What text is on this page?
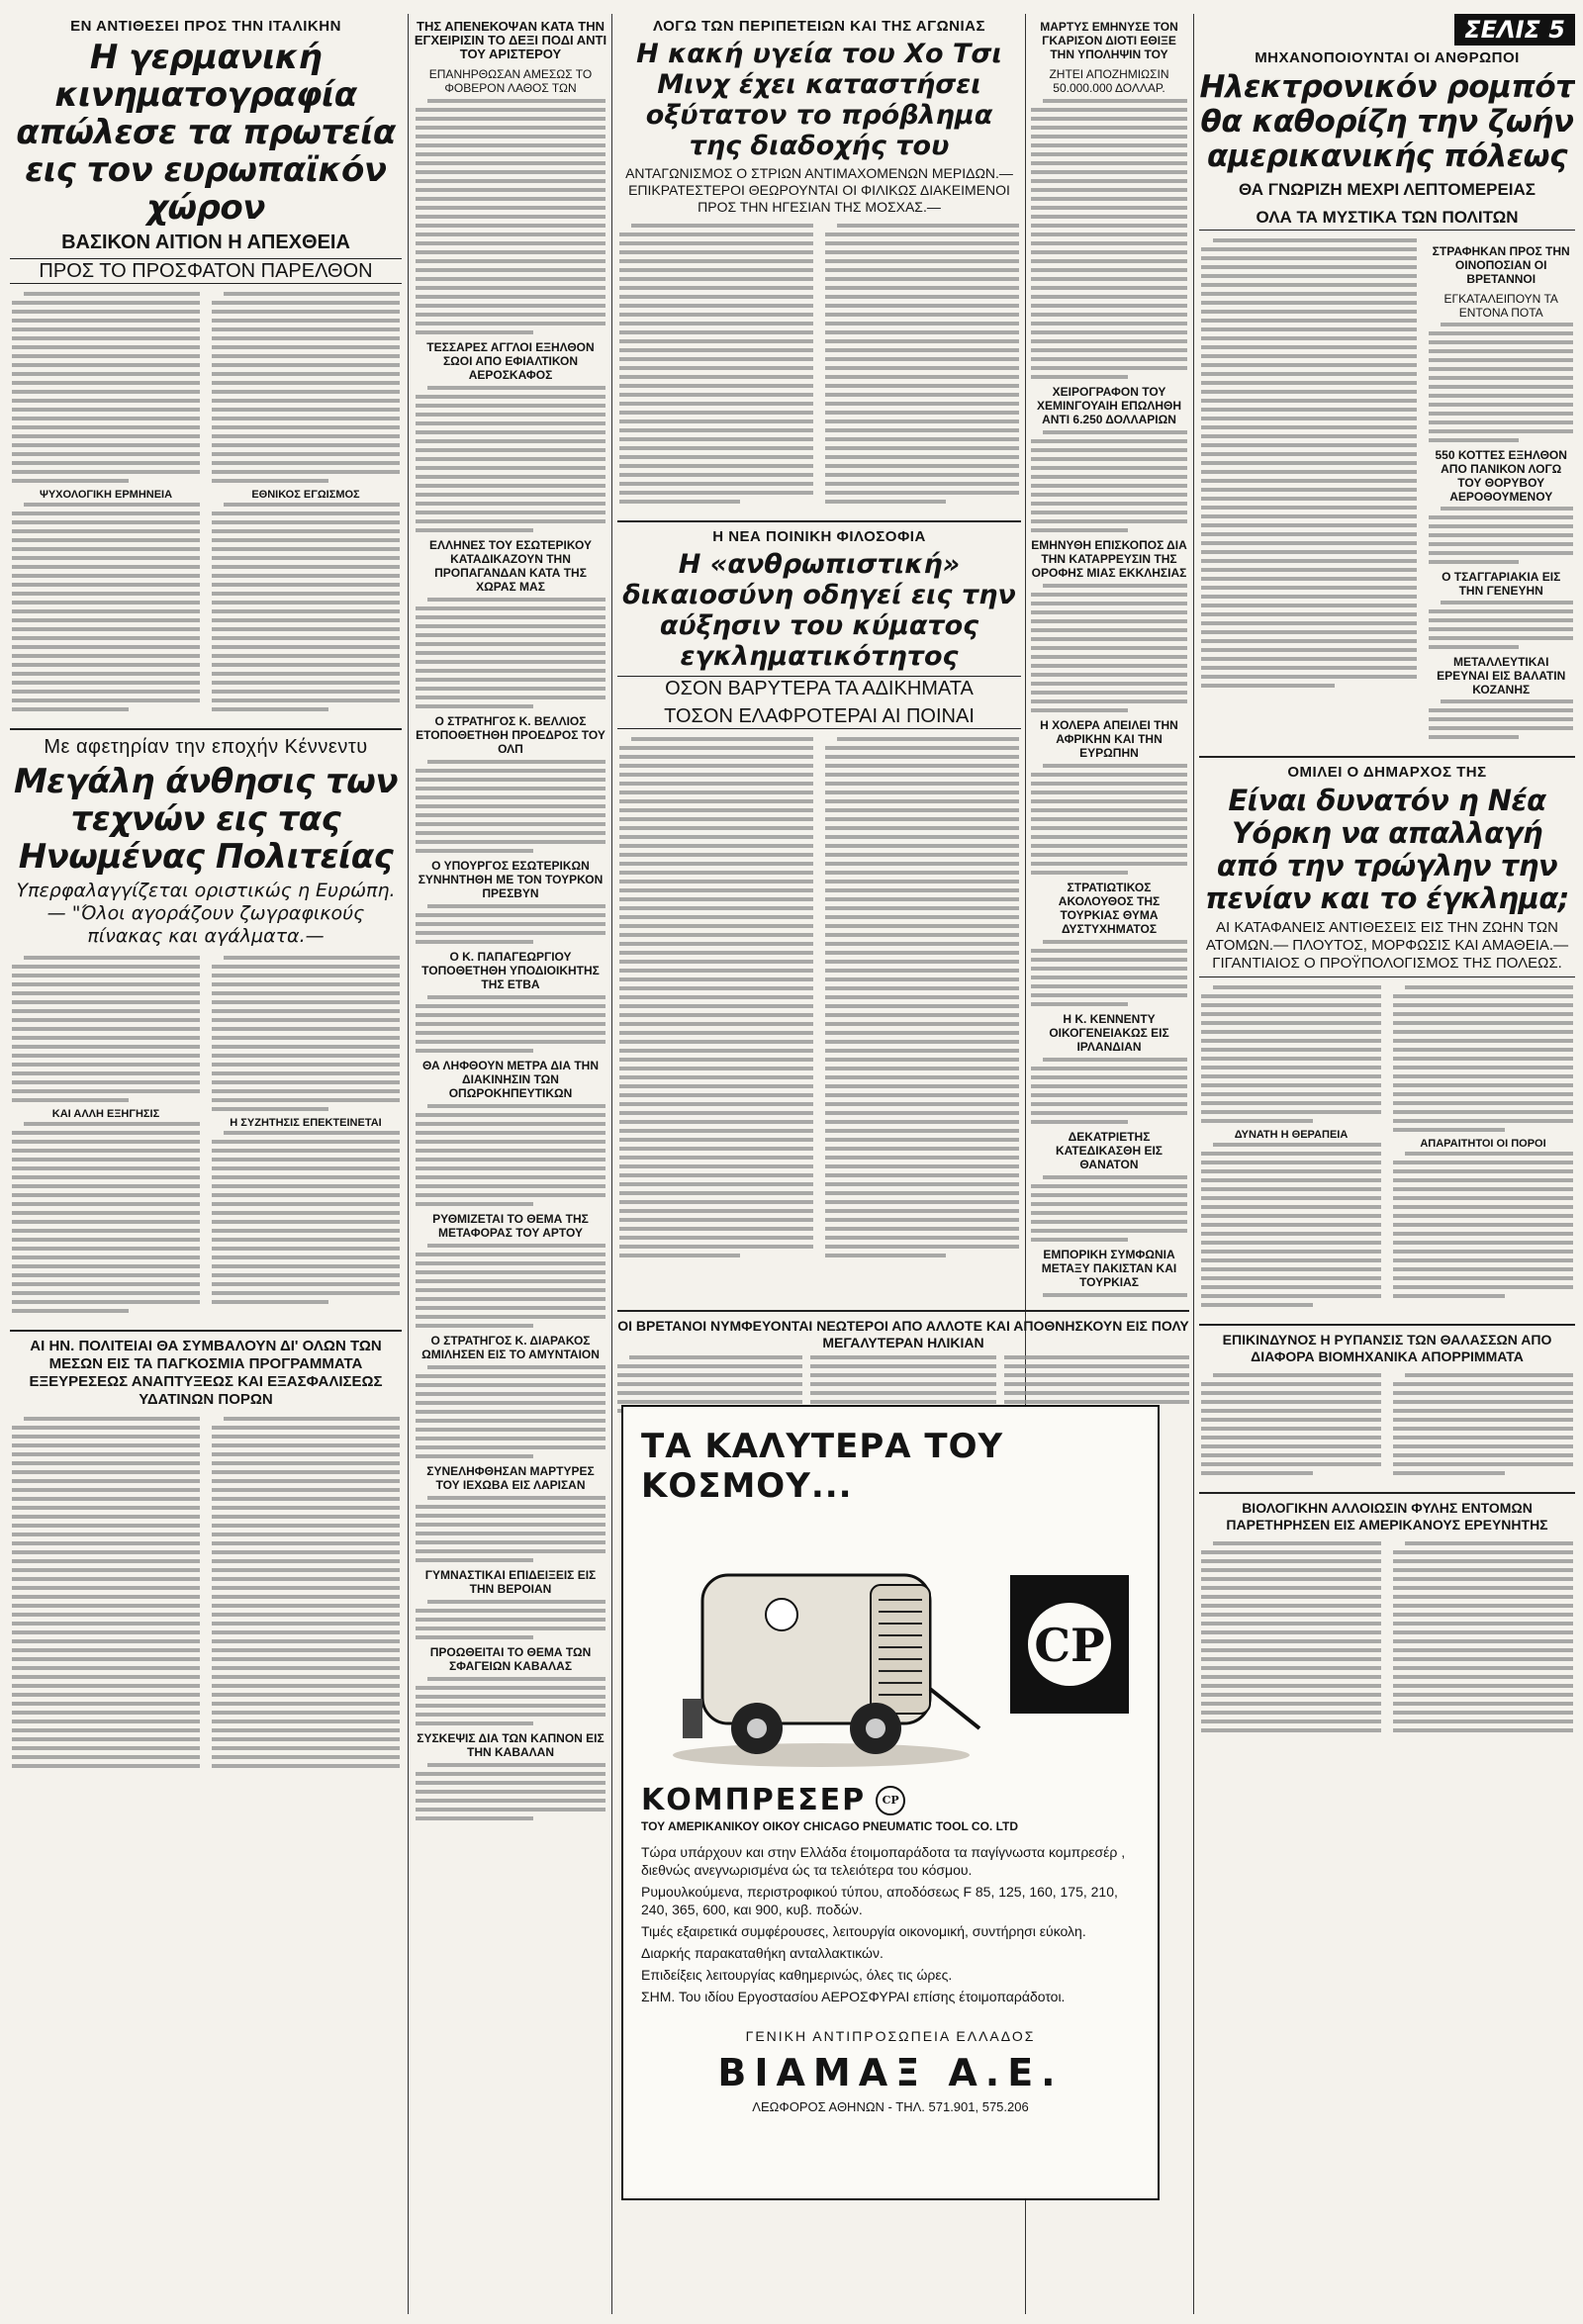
ΕΝ ΑΝΤΙΘΕΣΕΙ ΠΡΟΣ ΤΗΝ ΙΤΑΛΙΚΗΝ
Η γερμανική κινηματογραφία απώλεσε τα πρωτεία εις τον ευρωπαϊκόν χώρον
ΒΑΣΙΚΟΝ ΑΙΤΙΟΝ Η ΑΠΕΧΘΕΙΑ
ΠΡΟΣ ΤΟ ΠΡΟΣΦΑΤΟΝ ΠΑΡΕΛΘΟΝ
ΨΥΧΟΛΟΓΙΚΗ ΕΡΜΗΝΕΙΑ	ΕΘΝΙΚΟΣ ΕΓΩΙΣΜΟΣ
Με αφετηρίαν την εποχήν Κέννεντυ
Μεγάλη άνθησις των τεχνών εις τας Ηνωμένας Πολιτείας
Υπερφαλαγγίζεται οριστικώς η Ευρώπη.— "Όλοι αγοράζουν ζωγραφικούς πίνακας και αγάλματα.—
ΚΑΙ ΑΛΛΗ ΕΞΗΓΗΣΙΣ
Η ΣΥΖΗΤΗΣΙΣ ΕΠΕΚΤΕΙΝΕΤΑΙ
ΑΙ ΗΝ. ΠΟΛΙΤΕΙΑΙ ΘΑ ΣΥΜΒΑΛΟΥΝ ΔΙ' ΟΛΩΝ ΤΩΝ ΜΕΣΩΝ ΕΙΣ ΤΑ ΠΑΓΚΟΣΜΙΑ ΠΡΟΓΡΑΜΜΑΤΑ ΕΞΕΥΡΕΣΕΩΣ ΑΝΑΠΤΥΞΕΩΣ ΚΑΙ ΕΞΑΣΦΑΛΙΣΕΩΣ ΥΔΑΤΙΝΩΝ ΠΟΡΩΝ
ΤΗΣ ΑΠΕΝΕΚΟΨΑΝ ΚΑΤΑ ΤΗΝ ΕΓΧΕΙΡΙΣΙΝ ΤΟ ΔΕΞΙ ΠΟΔΙ ΑΝΤΙ ΤΟΥ ΑΡΙΣΤΕΡΟΥ
ΕΠΑΝΗΡΘΩΣΑΝ ΑΜΕΣΩΣ ΤΟ ΦΟΒΕΡΟΝ ΛΑΘΟΣ ΤΩΝ
ΤΕΣΣΑΡΕΣ ΑΓΓΛΟΙ ΕΞΗΛΘΟΝ ΣΩΟΙ ΑΠΟ ΕΦΙΑΛΤΙΚΟΝ ΑΕΡΟΣΚΑΦΟΣ
ΕΛΛΗΝΕΣ ΤΟΥ ΕΣΩΤΕΡΙΚΟΥ ΚΑΤΑΔΙΚΑΖΟΥΝ ΤΗΝ ΠΡΟΠΑΓΑΝΔΑΝ ΚΑΤΑ ΤΗΣ ΧΩΡΑΣ ΜΑΣ
Ο ΣΤΡΑΤΗΓΟΣ Κ. ΒΕΛΛΙΟΣ ΕΤΟΠΟΘΕΤΗΘΗ ΠΡΟΕΔΡΟΣ ΤΟΥ ΟΛΠ
Ο ΥΠΟΥΡΓΟΣ ΕΣΩΤΕΡΙΚΩΝ ΣΥΝΗΝΤΗΘΗ ΜΕ ΤΟΝ ΤΟΥΡΚΟΝ ΠΡΕΣΒΥΝ
Ο Κ. ΠΑΠΑΓΕΩΡΓΙΟΥ ΤΟΠΟΘΕΤΗΘΗ ΥΠΟΔΙΟΙΚΗΤΗΣ ΤΗΣ ΕΤΒΑ
ΘΑ ΛΗΦΘΟΥΝ ΜΕΤΡΑ ΔΙΑ ΤΗΝ ΔΙΑΚΙΝΗΣΙΝ ΤΩΝ ΟΠΩΡΟΚΗΠΕΥΤΙΚΩΝ
ΡΥΘΜΙΖΕΤΑΙ ΤΟ ΘΕΜΑ ΤΗΣ ΜΕΤΑΦΟΡΑΣ ΤΟΥ ΑΡΤΟΥ
Ο ΣΤΡΑΤΗΓΟΣ Κ. ΔΙΑΡΑΚΟΣ ΩΜΙΛΗΣΕΝ ΕΙΣ ΤΟ ΑΜΥΝΤΑΙΟΝ
ΣΥΝΕΛΗΦΘΗΣΑΝ ΜΑΡΤΥΡΕΣ ΤΟΥ ΙΕΧΩΒΑ ΕΙΣ ΛΑΡΙΣΑΝ
ΓΥΜΝΑΣΤΙΚΑΙ ΕΠΙΔΕΙΞΕΙΣ ΕΙΣ ΤΗΝ ΒΕΡΟΙΑΝ
ΠΡΟΩΘΕΙΤΑΙ ΤΟ ΘΕΜΑ ΤΩΝ ΣΦΑΓΕΙΩΝ ΚΑΒΑΛΑΣ
ΣΥΣΚΕΨΙΣ ΔΙΑ ΤΩΝ ΚΑΠΝΟΝ ΕΙΣ ΤΗΝ ΚΑΒΑΛΑΝ
ΛΟΓΩ ΤΩΝ ΠΕΡΙΠΕΤΕΙΩΝ ΚΑΙ ΤΗΣ ΑΓΩΝΙΑΣ
Η κακή υγεία του Χο Τσι Μινχ έχει καταστήσει οξύτατον το πρόβλημα της διαδοχής του
ΑΝΤΑΓΩΝΙΣΜΟΣ Ο ΣΤΡΙΩΝ ΑΝΤΙΜΑΧΟΜΕΝΩΝ ΜΕΡΙΔΩΝ.— ΕΠΙΚΡΑΤΕΣΤΕΡΟΙ ΘΕΩΡΟΥΝΤΑΙ ΟΙ ΦΙΛΙΚΩΣ ΔΙΑΚΕΙΜΕΝΟΙ ΠΡΟΣ ΤΗΝ ΗΓΕΣΙΑΝ ΤΗΣ ΜΟΣΧΑΣ.—
Η ΝΕΑ ΠΟΙΝΙΚΗ ΦΙΛΟΣΟΦΙΑ
Η «ανθρωπιστική» δικαιοσύνη οδηγεί εις την αύξησιν του κύματος εγκληματικότητος
ΟΣΟΝ ΒΑΡΥΤΕΡΑ ΤΑ ΑΔΙΚΗΜΑΤΑ
ΤΟΣΟΝ ΕΛΑΦΡΟΤΕΡΑΙ ΑΙ ΠΟΙΝΑΙ
ΜΑΡΤΥΣ ΕΜΗΝΥΣΕ ΤΟΝ ΓΚΑΡΙΣΟΝ ΔΙΟΤΙ ΕΘΙΞΕ ΤΗΝ ΥΠΟΛΗΨΙΝ ΤΟΥ
ΖΗΤΕΙ ΑΠΟΖΗΜΙΩΣΙΝ 50.000.000 ΔΟΛΛΑΡ.
ΧΕΙΡΟΓΡΑΦΟΝ ΤΟΥ ΧΕΜΙΝΓΟΥΑΙΗ ΕΠΩΛΗΘΗ ΑΝΤΙ 6.250 ΔΟΛΛΑΡΙΩΝ
ΕΜΗΝΥΘΗ ΕΠΙΣΚΟΠΟΣ ΔΙΑ ΤΗΝ ΚΑΤΑΡΡΕΥΣΙΝ ΤΗΣ ΟΡΟΦΗΣ ΜΙΑΣ ΕΚΚΛΗΣΙΑΣ
Η ΧΟΛΕΡΑ ΑΠΕΙΛΕΙ ΤΗΝ ΑΦΡΙΚΗΝ ΚΑΙ ΤΗΝ ΕΥΡΩΠΗΝ
ΣΤΡΑΤΙΩΤΙΚΟΣ ΑΚΟΛΟΥΘΟΣ ΤΗΣ ΤΟΥΡΚΙΑΣ ΘΥΜΑ ΔΥΣΤΥΧΗΜΑΤΟΣ
Η Κ. ΚΕΝΝΕΝΤΥ ΟΙΚΟΓΕΝΕΙΑΚΩΣ ΕΙΣ ΙΡΛΑΝΔΙΑΝ
ΔΕΚΑΤΡΙΕΤΗΣ ΚΑΤΕΔΙΚΑΣΘΗ ΕΙΣ ΘΑΝΑΤΟΝ
ΕΜΠΟΡΙΚΗ ΣΥΜΦΩΝΙΑ ΜΕΤΑΞΥ ΠΑΚΙΣΤΑΝ ΚΑΙ ΤΟΥΡΚΙΑΣ
ΟΙ ΒΡΕΤΑΝΟΙ ΝΥΜΦΕΥΟΝΤΑΙ ΝΕΩΤΕΡΟΙ ΑΠΟ ΑΛΛΟΤΕ ΚΑΙ ΑΠΟΘΝΗΣΚΟΥΝ ΕΙΣ ΠΟΛΥ ΜΕΓΑΛΥΤΕΡΑΝ ΗΛΙΚΙΑΝ
ΤΑ ΚΑΛΥΤΕΡΑ ΤΟΥ ΚΟΣΜΟΥ...
CP
ΚΟΜΠΡΕΣΕΡ	CP
ΤΟΥ ΑΜΕΡΙΚΑΝΙΚΟΥ ΟΙΚΟΥ CHICAGO PNEUMATIC TOOL CO. LTD
Τώρα υπάρχουν και στην Ελλάδα έτοιμοπαράδοτα τα παγίγνωστα κομπρεσέρ , διεθνώς ανεγνωρισμένα ώς τα τελειότερα του κόσμου.
Ρυμουλκούμενα, περιστροφικού τύπου, αποδόσεως F 85, 125, 160, 175, 210, 240, 365, 600, και 900, κυβ. ποδών.
Τιμές εξαιρετικά συμφέρουσες, λειτουργία οικονομική, συντήρησι εύκολη.
Διαρκής παρακαταθήκη ανταλλακτικών.
Επιδείξεις λειτουργίας καθημερινώς, όλες τις ώρες.
ΣΗΜ. Του ιδίου Εργοστασίου ΑΕΡΟΣΦΥΡΑΙ επίσης έτοιμοπαράδοτοι.
ΓΕΝΙΚΗ ΑΝΤΙΠΡΟΣΩΠΕΙΑ ΕΛΛΑΔΟΣ
ΒΙΑΜΑΞ Α.Ε.
ΛΕΩΦΟΡΟΣ ΑΘΗΝΩΝ - ΤΗΛ. 571.901, 575.206
ΣΕΛΙΣ 5
ΜΗΧΑΝΟΠΟΙΟΥΝΤΑΙ ΟΙ ΑΝΘΡΩΠΟΙ
Ηλεκτρονικόν ρομπότ θα καθορίζη την ζωήν αμερικανικής πόλεως
ΘΑ ΓΝΩΡΙΖΗ ΜΕΧΡΙ ΛΕΠΤΟΜΕΡΕΙΑΣ
ΟΛΑ ΤΑ ΜΥΣΤΙΚΑ ΤΩΝ ΠΟΛΙΤΩΝ
ΣΤΡΑΦΗΚΑΝ ΠΡΟΣ ΤΗΝ ΟΙΝΟΠΟΣΙΑΝ ΟΙ ΒΡΕΤΑΝΝΟΙ
ΕΓΚΑΤΑΛΕΙΠΟΥΝ ΤΑ ΕΝΤΟΝΑ ΠΟΤΑ
550 ΚΟΤΤΕΣ ΕΞΗΛΘΟΝ ΑΠΟ ΠΑΝΙΚΟΝ ΛΟΓΩ ΤΟΥ ΘΟΡΥΒΟΥ ΑΕΡΟΘΟΥΜΕΝΟΥ
Ο ΤΣΑΓΓΑΡΙΑΚΙΑ ΕΙΣ ΤΗΝ ΓΕΝΕΥΗΝ
ΜΕΤΑΛΛΕΥΤΙΚΑΙ ΕΡΕΥΝΑΙ ΕΙΣ ΒΑΛΑΤΙΝ ΚΟΖΑΝΗΣ
ΟΜΙΛΕΙ Ο ΔΗΜΑΡΧΟΣ ΤΗΣ
Είναι δυνατόν η Νέα Υόρκη να απαλλαγή από την τρώγλην την πενίαν και το έγκλημα;
ΑΙ ΚΑΤΑΦΑΝΕΙΣ ΑΝΤΙΘΕΣΕΙΣ ΕΙΣ ΤΗΝ ΖΩΗΝ ΤΩΝ ΑΤΟΜΩΝ.— ΠΛΟΥΤΟΣ, ΜΟΡΦΩΣΙΣ ΚΑΙ ΑΜΑΘΕΙΑ.— ΓΙΓΑΝΤΙΑΙΟΣ Ο ΠΡΟΫΠΟΛΟΓΙΣΜΟΣ ΤΗΣ ΠΟΛΕΩΣ.
ΔΥΝΑΤΗ Η ΘΕΡΑΠΕΙΑ
ΑΠΑΡΑΙΤΗΤΟΙ ΟΙ ΠΟΡΟΙ
ΕΠΙΚΙΝΔΥΝΟΣ Η ΡΥΠΑΝΣΙΣ ΤΩΝ ΘΑΛΑΣΣΩΝ ΑΠΟ ΔΙΑΦΟΡΑ ΒΙΟΜΗΧΑΝΙΚΑ ΑΠΟΡΡΙΜΜΑΤΑ
ΒΙΟΛΟΓΙΚΗΝ ΑΛΛΟΙΩΣΙΝ ΦΥΛΗΣ ΕΝΤΟΜΩΝ ΠΑΡΕΤΗΡΗΣΕΝ ΕΙΣ ΑΜΕΡΙΚΑΝΟΥΣ ΕΡΕΥΝΗΤΗΣ
